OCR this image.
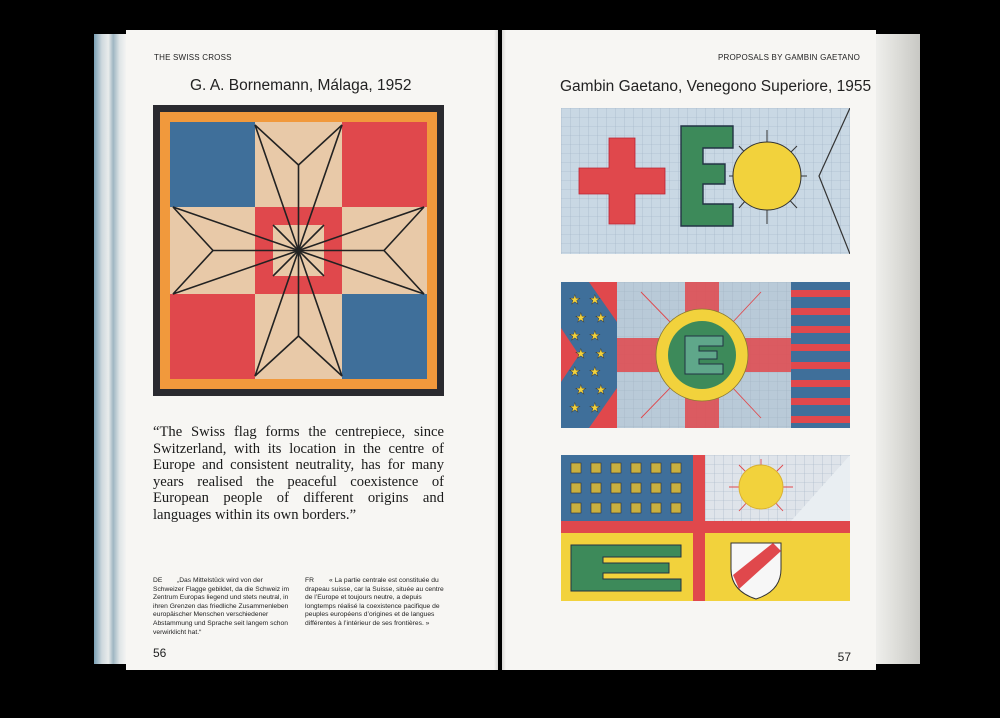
THE SWISS CROSS
G. A. Bornemann, Málaga, 1952
“The Swiss flag forms the centrepiece, since Switzerland, with its location in the centre of Europe and consistent neutrality, has for many years realised the peaceful coexistence of European people of different origins and languages within its own borders.”
DE „Das Mittelstück wird von der Schweizer Flagge gebildet, da die Schweiz im Zentrum Europas liegend und stets neutral, in ihren Grenzen das friedliche Zusammenleben europäischer Menschen verschiedener Abstammung und Sprache seit langem schon verwirklicht hat.“
FR « La partie centrale est constituée du drapeau suisse, car la Suisse, située au centre de l’Europe et toujours neutre, a depuis longtemps réalisé la coexistence pacifique de peuples européens d’origines et de langues différentes à l’intérieur de ses frontières. »
56
PROPOSALS BY GAMBIN GAETANO
Gambin Gaetano, Venegono Superiore, 1955
★ ★
★ ★
★ ★
★ ★
★ ★
★ ★
★ ★
57
